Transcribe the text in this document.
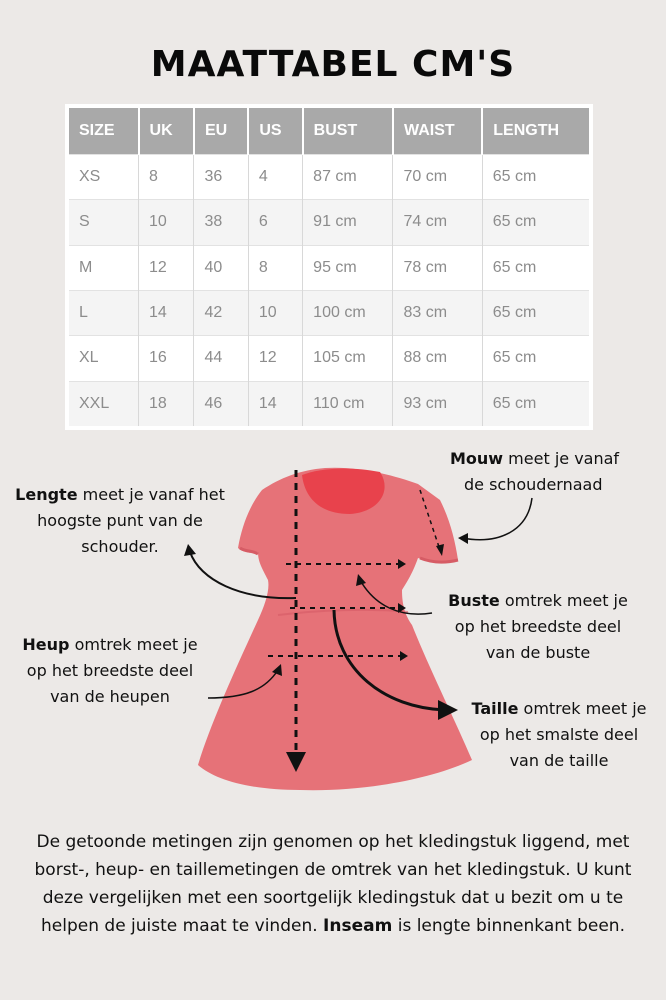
MAATTABEL CM'S
SIZE	UK	EU	US	BUST	WAIST	LENGTH
XS	8	36	4	87 cm	70 cm	65 cm
S	10	38	6	91 cm	74 cm	65 cm
M	12	40	8	95 cm	78 cm	65 cm
L	14	42	10	100 cm	83 cm	65 cm
XL	16	44	12	105 cm	88 cm	65 cm
XXL	18	46	14	110 cm	93 cm	65 cm
Mouw meet je vanaf
de schoudernaad
Lengte meet je vanaf het
hoogste punt van de
schouder.
Buste omtrek meet je
op het breedste deel
van de buste
Heup omtrek meet je
op het breedste deel
van de heupen
Taille omtrek meet je
op het smalste deel
van de taille
De getoonde metingen zijn genomen op het kledingstuk liggend, met borst-, heup- en taillemetingen de omtrek van het kledingstuk. U kunt deze vergelijken met een soortgelijk kledingstuk dat u bezit om u te helpen de juiste maat te vinden. Inseam is lengte binnenkant been.
